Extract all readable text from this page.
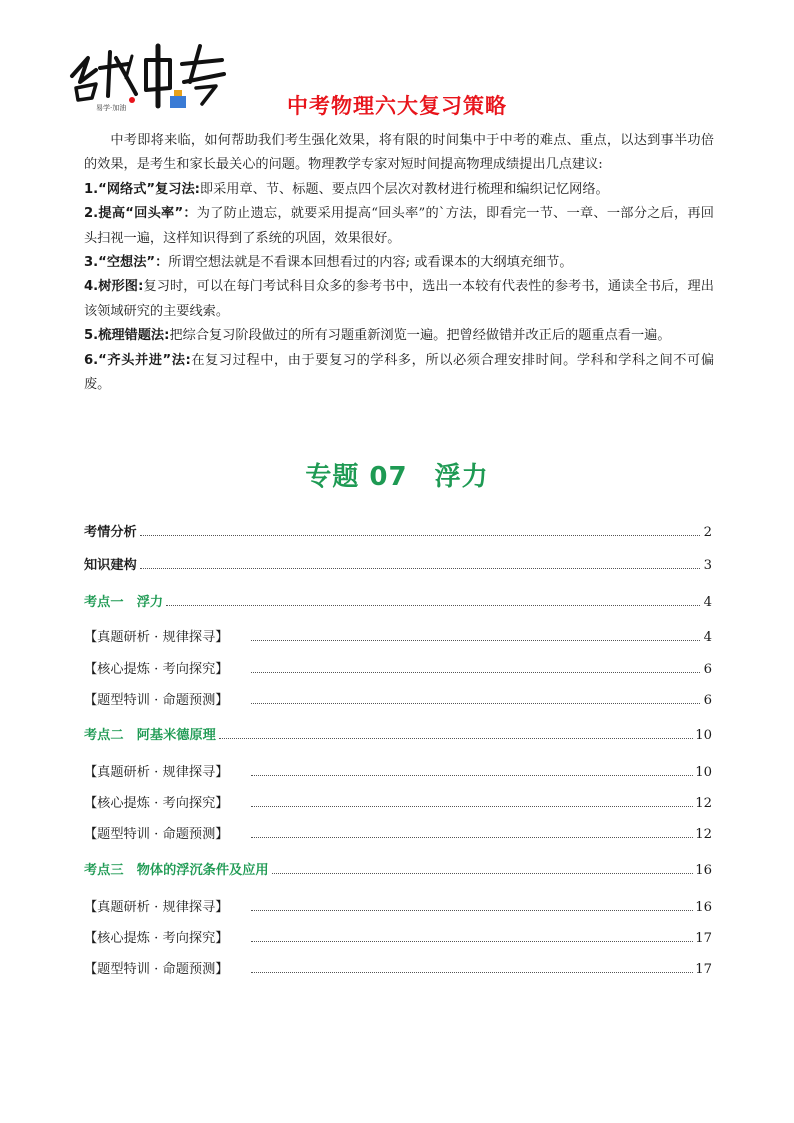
易学·加油	中考物理六大复习策略

中考即将来临，如何帮助我们考生强化效果，将有限的时间集中于中考的难点、重点，以达到事半功倍的效果，是考生和家长最关心的问题。物理教学专家对短时间提高物理成绩提出几点建议:

1.“网络式”复习法:即采用章、节、标题、要点四个层次对教材进行梳理和编织记忆网络。

2.提高“回头率”：为了防止遗忘，就要采用提高“回头率”的`方法，即看完一节、一章、一部分之后，再回头扫视一遍，这样知识得到了系统的巩固，效果很好。

3.“空想法”：所谓空想法就是不看课本回想看过的内容; 或看课本的大纲填充细节。

4.树形图:复习时，可以在每门考试科目众多的参考书中，选出一本较有代表性的参考书，通读全书后，理出该领域研究的主要线索。

5.梳理错题法:把综合复习阶段做过的所有习题重新浏览一遍。把曾经做错并改正后的题重点看一遍。

6.“齐头并进”法:在复习过程中，由于要复习的学科多，所以必须合理安排时间。学科和学科之间不可偏废。

专题 07　浮力
考情分析	2
知识建构	3
考点一　浮力	4
【真题研析 · 规律探寻】	4
【核心提炼 · 考向探究】	6
【题型特训 · 命题预测】	6
考点二　阿基米德原理	10
【真题研析 · 规律探寻】	10
【核心提炼 · 考向探究】	12
【题型特训 · 命题预测】	12
考点三　物体的浮沉条件及应用	16
【真题研析 · 规律探寻】	16
【核心提炼 · 考向探究】	17
【题型特训 · 命题预测】	17
